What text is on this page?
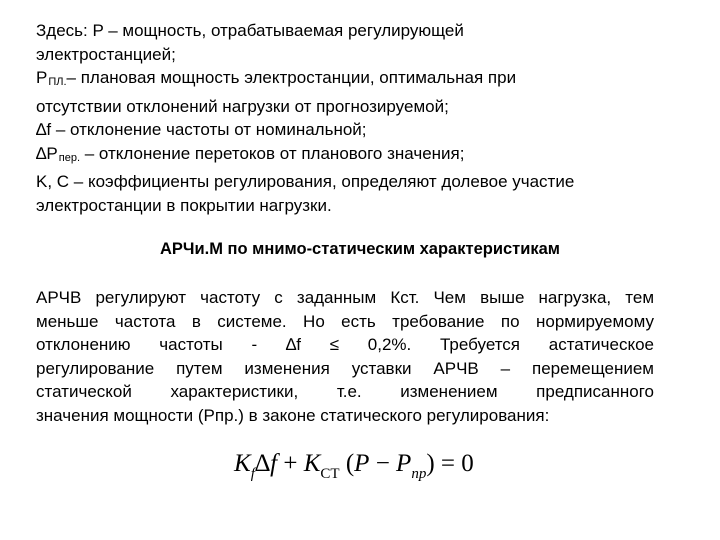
Здесь: P – мощность, отрабатываемая регулирующей
электростанцией;
PПЛ.– плановая мощность электростанции, оптимальная при
отсутствии отклонений нагрузки от прогнозируемой;
∆f – отклонение частоты от номинальной;
∆Pпер. – отклонение перетоков от планового значения;
K, C – коэффициенты регулирования, определяют долевое участие
электростанции в покрытии нагрузки.
АРЧи.М по мнимо-статическим характеристикам
АРЧВ регулируют частоту с заданным Кст. Чем выше нагрузка, тем
меньше частота в системе. Но есть требование по нормируемому
отклонению частоты - ∆f ≤ 0,2%. Требуется астатическое
регулирование путем изменения уставки АРЧВ – перемещением
статической характеристики, т.е. изменением предписанного
значения мощности (Pпр.) в законе статического регулирования:
$K_f\Delta f + K_{CT}$ $(P - P_{пр}) = 0$
